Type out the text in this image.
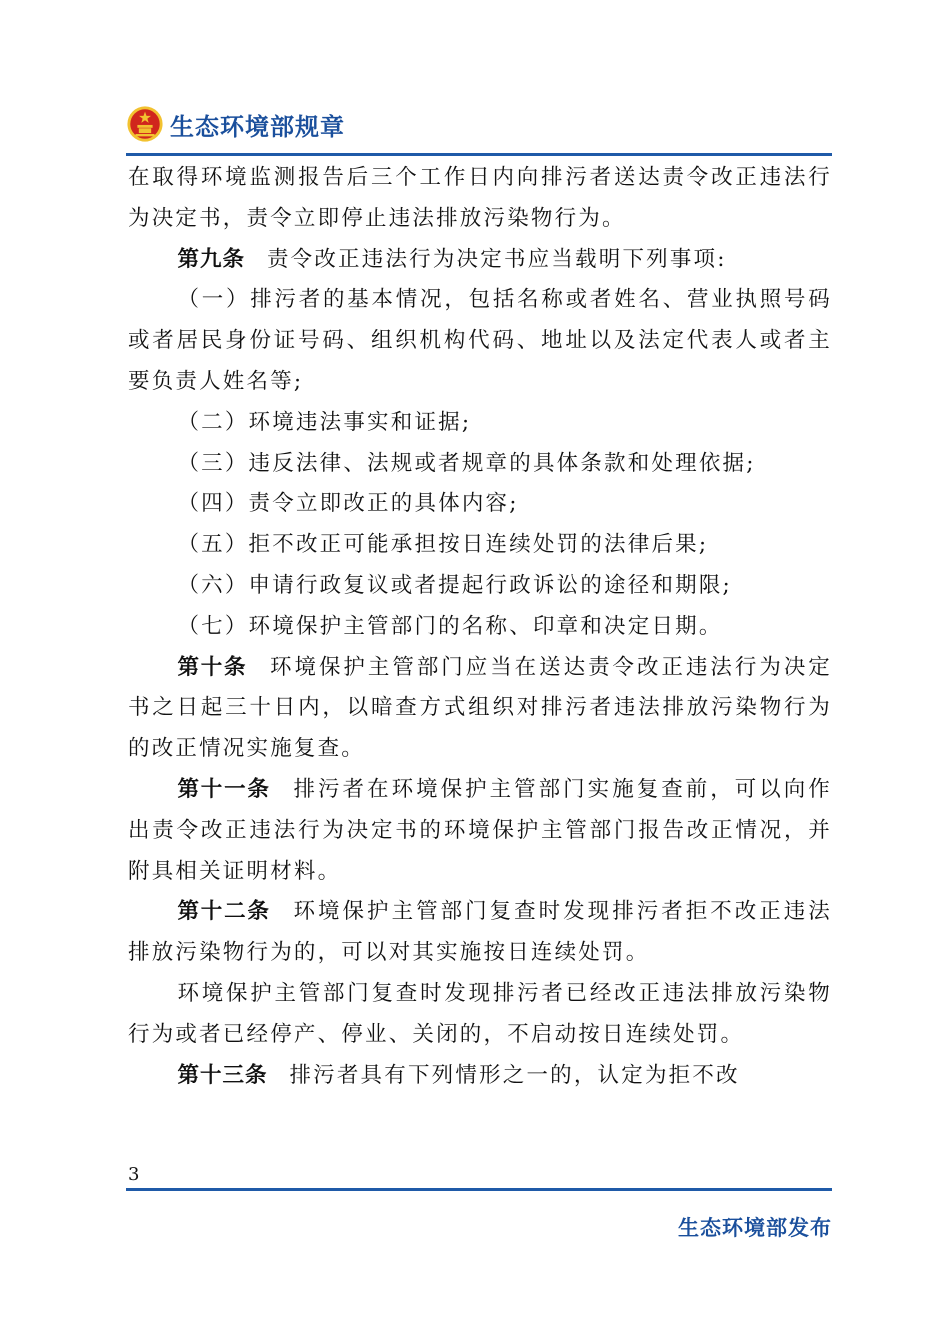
生态环境部规章

在取得环境监测报告后三个工作日内向排污者送达责令改正违法行为决定书，责令立即停止违法排放污染物行为。

第九条 责令改正违法行为决定书应当载明下列事项:

（一）排污者的基本情况，包括名称或者姓名、营业执照号码或者居民身份证号码、组织机构代码、地址以及法定代表人或者主要负责人姓名等;

（二）环境违法事实和证据;

（三）违反法律、法规或者规章的具体条款和处理依据;

（四）责令立即改正的具体内容;

（五）拒不改正可能承担按日连续处罚的法律后果;

（六）申请行政复议或者提起行政诉讼的途径和期限;

（七）环境保护主管部门的名称、印章和决定日期。

第十条 环境保护主管部门应当在送达责令改正违法行为决定书之日起三十日内，以暗查方式组织对排污者违法排放污染物行为的改正情况实施复查。

第十一条 排污者在环境保护主管部门实施复查前，可以向作出责令改正违法行为决定书的环境保护主管部门报告改正情况，并附具相关证明材料。

第十二条 环境保护主管部门复查时发现排污者拒不改正违法排放污染物行为的，可以对其实施按日连续处罚。

环境保护主管部门复查时发现排污者已经改正违法排放污染物行为或者已经停产、停业、关闭的，不启动按日连续处罚。

第十三条 排污者具有下列情形之一的，认定为拒不改

3
生态环境部发布
